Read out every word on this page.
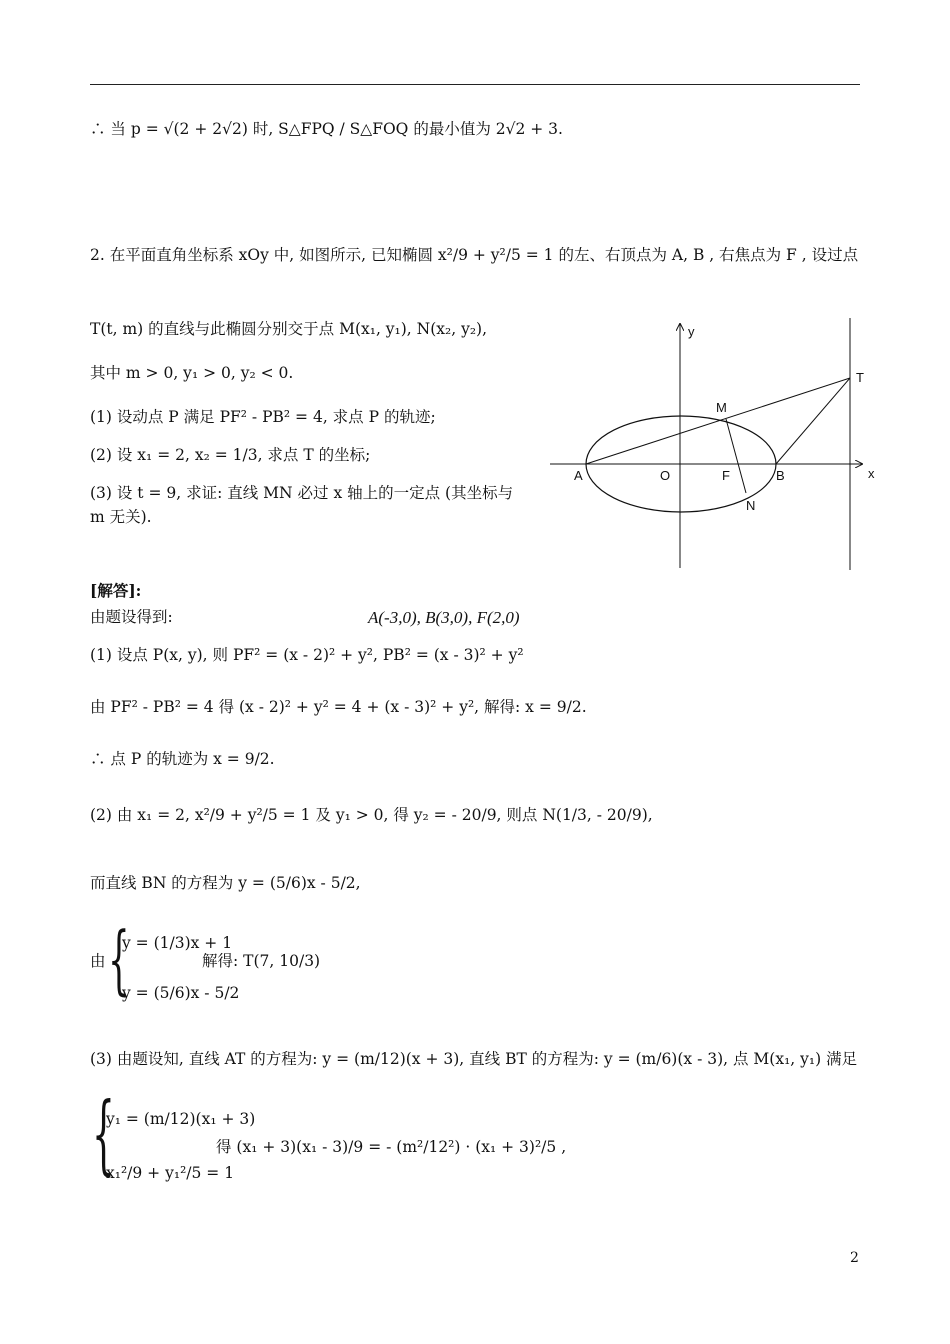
∴ 当 p = √(2 + 2√2) 时, S△FPQ / S△FOQ 的最小值为 2√2 + 3.
2. 在平面直角坐标系 xOy 中, 如图所示, 已知椭圆 x²/9 + y²/5 = 1 的左、右顶点为 A, B , 右焦点为 F , 设过点
T(t, m) 的直线与此椭圆分别交于点 M(x₁, y₁), N(x₂, y₂),
其中 m > 0, y₁ > 0, y₂ < 0.
(1) 设动点 P 满足 PF² - PB² = 4, 求点 P 的轨迹;
(2) 设 x₁ = 2, x₂ = 1/3, 求点 T 的坐标;
(3) 设 t = 9, 求证: 直线 MN 必过 x 轴上的一定点 (其坐标与
m 无关).
y
x
A	O	F	B
M
N
T
[解答]:
由题设得到:	A(-3,0), B(3,0), F(2,0)
(1) 设点 P(x, y), 则 PF² = (x - 2)² + y², PB² = (x - 3)² + y²
由 PF² - PB² = 4 得 (x - 2)² + y² = 4 + (x - 3)² + y², 解得: x = 9/2.
∴ 点 P 的轨迹为 x = 9/2.
(2) 由 x₁ = 2, x²/9 + y²/5 = 1 及 y₁ > 0, 得 y₂ = - 20/9, 则点 N(1/3, - 20/9),
而直线 BN 的方程为 y = (5/6)x - 5/2,
由 {
y = (1/3)x + 1
y = (5/6)x - 5/2
解得: T(7, 10/3)
(3) 由题设知, 直线 AT 的方程为: y = (m/12)(x + 3), 直线 BT 的方程为: y = (m/6)(x - 3), 点 M(x₁, y₁) 满足
{
y₁ = (m/12)(x₁ + 3)
x₁²/9 + y₁²/5 = 1
得 (x₁ + 3)(x₁ - 3)/9 = - (m²/12²) · (x₁ + 3)²/5 ,
2
